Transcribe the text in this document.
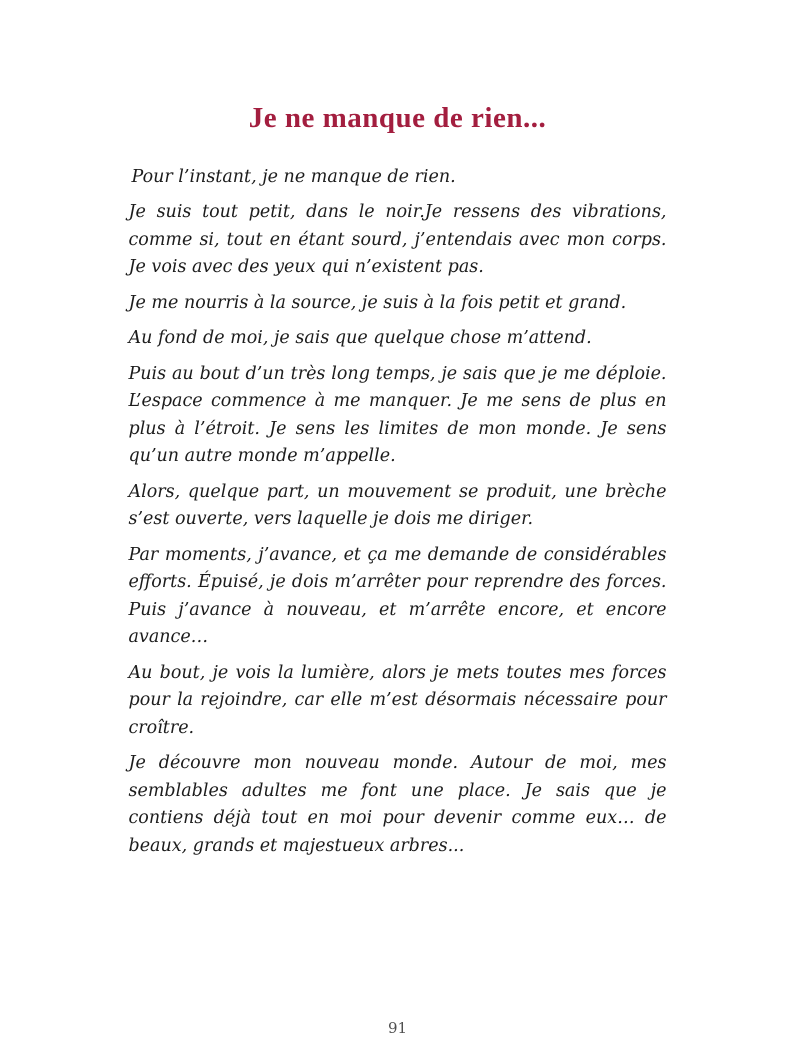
Je ne manque de rien...

Pour l’instant, je ne manque de rien.

Je suis tout petit, dans le noir.Je ressens des vibrations, comme si, tout en étant sourd, j’entendais avec mon corps. Je vois avec des yeux qui n’existent pas.

Je me nourris à la source, je suis à la fois petit et grand.

Au fond de moi, je sais que quelque chose m’attend.

Puis au bout d’un très long temps, je sais que je me déploie. L’espace commence à me manquer. Je me sens de plus en plus à l’étroit. Je sens les limites de mon monde. Je sens qu’un autre monde m’appelle.

Alors, quelque part, un mouvement se produit, une brèche s’est ouverte, vers laquelle je dois me diriger.

Par moments, j’avance, et ça me demande de considérables efforts. Épuisé, je dois m’arrêter pour reprendre des forces. Puis j’avance à nouveau, et m’arrête encore, et encore avance…

Au bout, je vois la lumière, alors je mets toutes mes forces pour la rejoindre, car elle m’est désormais nécessaire pour croître.

Je découvre mon nouveau monde. Autour de moi, mes semblables adultes me font une place. Je sais que je contiens déjà tout en moi pour devenir comme eux… de beaux, grands et majestueux arbres...

91
